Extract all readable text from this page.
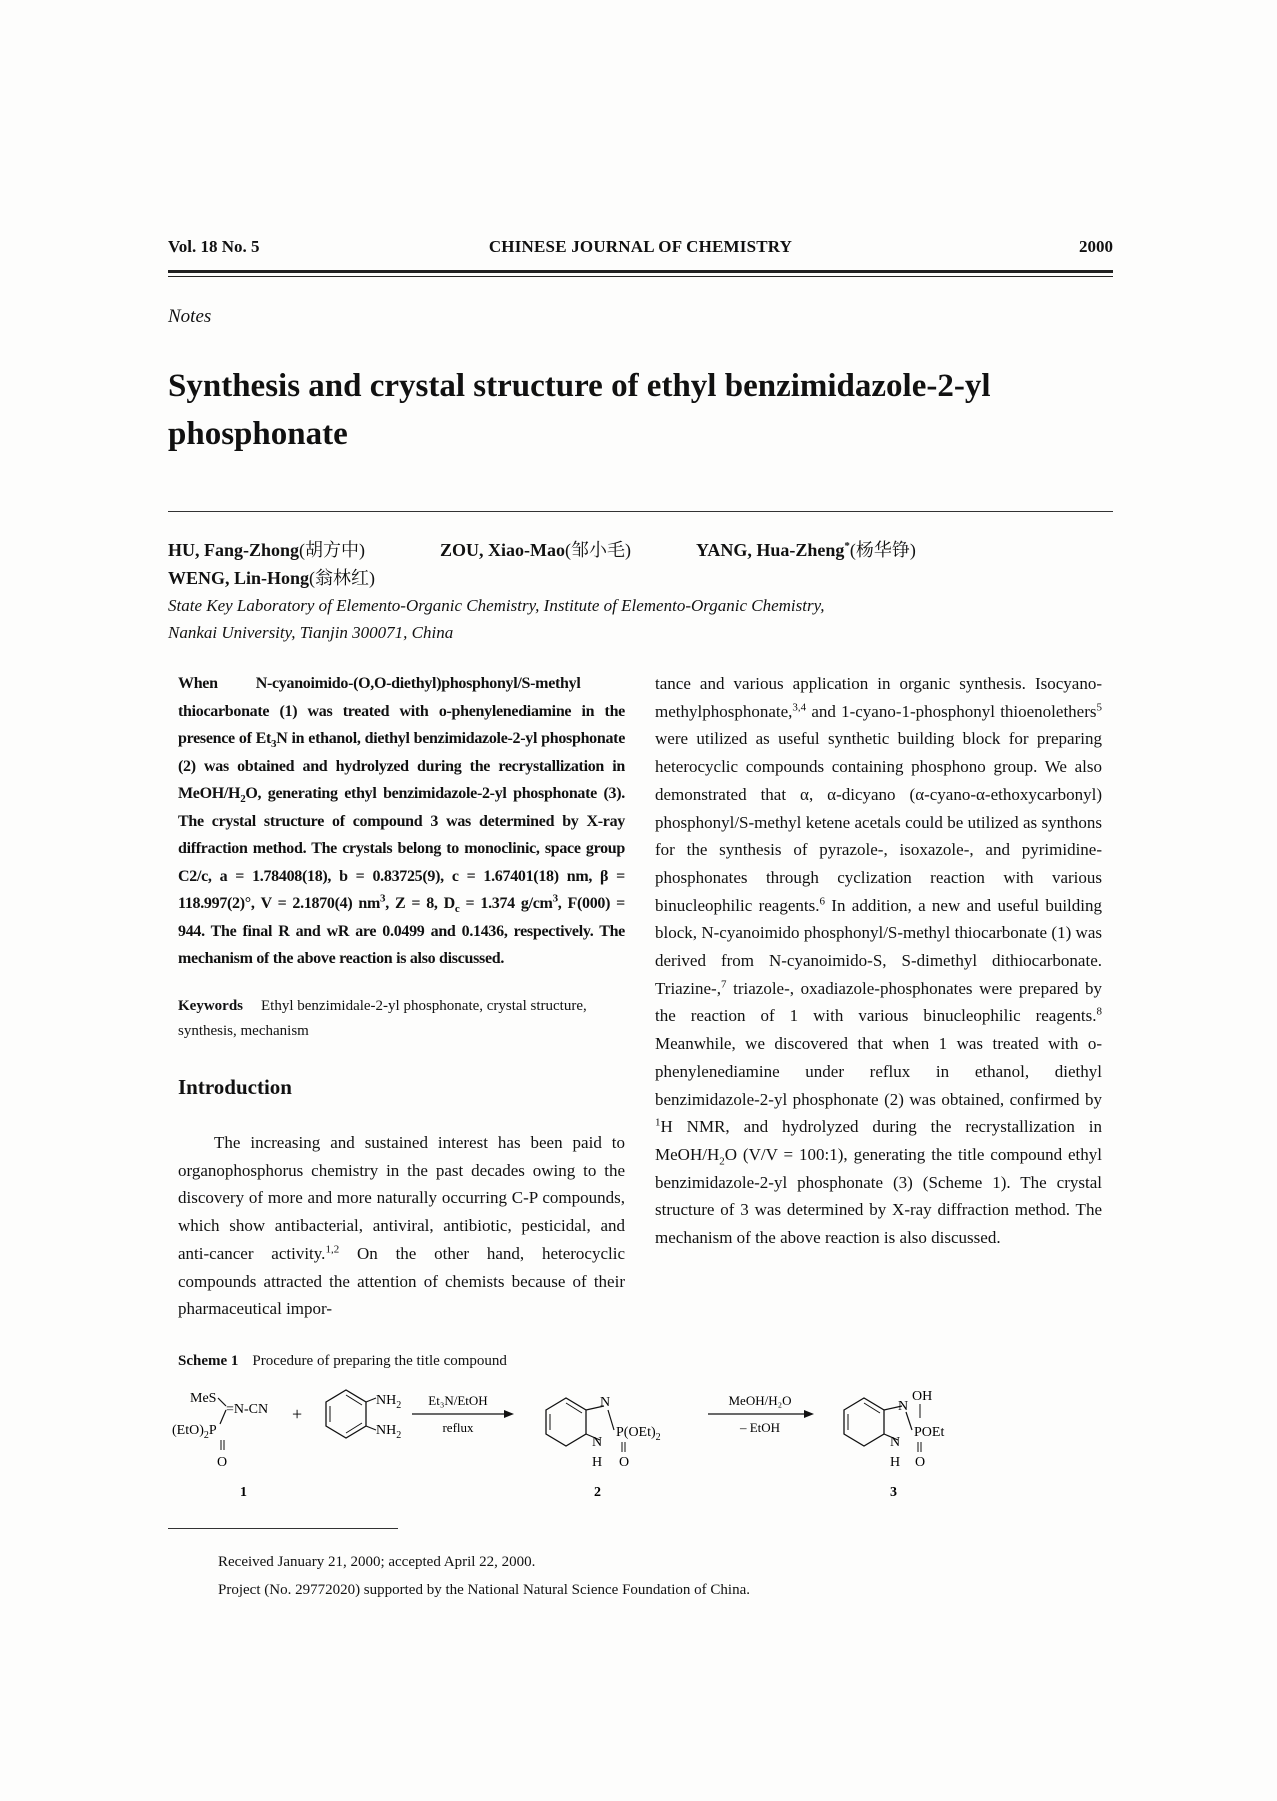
Vol. 18 No. 5	CHINESE JOURNAL OF CHEMISTRY	2000
Notes
Synthesis and crystal structure of ethyl benzimidazole-2-yl phosphonate
HU, Fang-Zhong(胡方中)	ZOU, Xiao-Mao(邹小毛)	YANG, Hua-Zheng*(杨华铮)
WENG, Lin-Hong(翁林红)
State Key Laboratory of Elemento-Organic Chemistry, Institute of Elemento-Organic Chemistry,
Nankai University, Tianjin 300071, China
When N-cyanoimido-(O,O-diethyl)phosphonyl/S-methyl thiocarbonate (1) was treated with o-phenylenediamine in the presence of $Et_3N$ in ethanol, diethyl benzimidazole-2-yl phosphonate (2) was obtained and hydrolyzed during the recrystallization in MeOH/$H_2O$, generating ethyl benzimidazole-2-yl phosphonate (3). The crystal structure of compound 3 was determined by X-ray diffraction method. The crystals belong to monoclinic, space group C2/c, a = 1.78408(18), b = 0.83725(9), c = 1.67401(18) nm, β = 118.997(2)°, V = 2.1870(4) $nm^3$, Z = 8, $D_c = 1.374$ $g/cm^3$, F(000) = 944. The final R and wR are 0.0499 and 0.1436, respectively. The mechanism of the above reaction is also discussed.
Keywords Ethyl benzimidale-2-yl phosphonate, crystal structure, synthesis, mechanism
Introduction

The increasing and sustained interest has been paid to organophosphorus chemistry in the past decades owing to the discovery of more and more naturally occurring C-P compounds, which show antibacterial, antiviral, antibiotic, pesticidal, and anti-cancer activity.$^{1,2}$ On the other hand, heterocyclic compounds attracted the attention of chemists because of their pharmaceutical impor-

tance and various application in organic synthesis. Isocyano-methylphosphonate,$^{3,4}$ and 1-cyano-1-phosphonyl thioenolethers$^5$ were utilized as useful synthetic building block for preparing heterocyclic compounds containing phosphono group. We also demonstrated that α, α-dicyano (α-cyano-α-ethoxycarbonyl) phosphonyl/S-methyl ketene acetals could be utilized as synthons for the synthesis of pyrazole-, isoxazole-, and pyrimidine-phosphonates through cyclization reaction with various binucleophilic reagents.$^6$ In addition, a new and useful building block, N-cyanoimido phosphonyl/S-methyl thiocarbonate (1) was derived from N-cyanoimido-S, S-dimethyl dithiocarbonate. Triazine-,$^7$ triazole-, oxadiazole-phosphonates were prepared by the reaction of 1 with various binucleophilic reagents.$^8$ Meanwhile, we discovered that when 1 was treated with o-phenylenediamine under reflux in ethanol, diethyl benzimidazole-2-yl phosphonate (2) was obtained, confirmed by $^1$H NMR, and hydrolyzed during the recrystallization in MeOH/$H_2O$ (V/V = 100:1), generating the title compound ethyl benzimidazole-2-yl phosphonate (3) (Scheme 1). The crystal structure of 3 was determined by X-ray diffraction method. The mechanism of the above reaction is also discussed.

Scheme 1 Procedure of preparing the title compound
MeS
=N-CN
$(EtO)_2P$
O
+
$NH_2$
$NH_2$
Et₃N/EtOH
reflux
N
N
$P(OEt)_2$
O
H
MeOH/H₂O
– EtOH
N
N
OH
POEt
O
H
1	2	3
Received January 21, 2000; accepted April 22, 2000.
Project (No. 29772020) supported by the National Natural Science Foundation of China.
